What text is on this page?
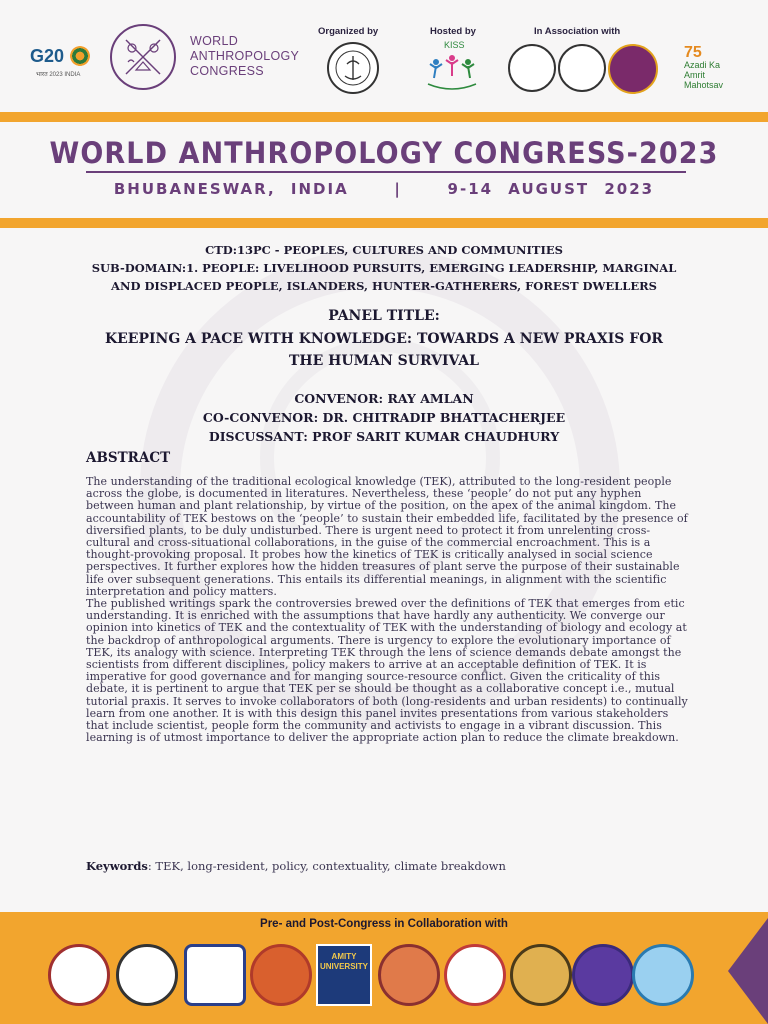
G20
भारत 2023 INDIA
WORLD
ANTHROPOLOGY
CONGRESS
Organized by	Hosted by
KISS
In Association with
75
Azadi Ka
Amrit Mahotsav
WORLD ANTHROPOLOGY CONGRESS-2023
BHUBANESWAR, INDIA	|	9-14 AUGUST 2023
CTD:13PC - PEOPLES, CULTURES AND COMMUNITIES
SUB-DOMAIN:1. PEOPLE: LIVELIHOOD PURSUITS, EMERGING LEADERSHIP, MARGINAL
AND DISPLACED PEOPLE, ISLANDERS, HUNTER-GATHERERS, FOREST DWELLERS
PANEL TITLE:
KEEPING A PACE WITH KNOWLEDGE: TOWARDS A NEW PRAXIS FOR
THE HUMAN SURVIVAL
CONVENOR: RAY AMLAN
CO-CONVENOR: DR. CHITRADIP BHATTACHERJEE
DISCUSSANT: PROF SARIT KUMAR CHAUDHURY
ABSTRACT

The understanding of the traditional ecological knowledge (TEK), attributed to the long-resident people across the globe, is documented in literatures. Nevertheless, these ‘people’ do not put any hyphen between human and plant relationship, by virtue of the position, on the apex of the animal kingdom. The accountability of TEK bestows on the ‘people’ to sustain their embedded life, facilitated by the presence of diversified plants, to be duly undisturbed. There is urgent need to protect it from unrelenting cross-cultural and cross-situational collaborations, in the guise of the commercial encroachment. This is a thought-provoking proposal. It probes how the kinetics of TEK is critically analysed in social science perspectives. It further explores how the hidden treasures of plant serve the purpose of their sustainable life over subsequent generations. This entails its differential meanings, in alignment with the scientific interpretation and policy matters.

The published writings spark the controversies brewed over the definitions of TEK that emerges from etic understanding. It is enriched with the assumptions that have hardly any authenticity. We converge our opinion into kinetics of TEK and the contextuality of TEK with the understanding of biology and ecology at the backdrop of anthropological arguments. There is urgency to explore the evolutionary importance of TEK, its analogy with science. Interpreting TEK through the lens of science demands debate amongst the scientists from different disciplines, policy makers to arrive at an acceptable definition of TEK. It is imperative for good governance and for manging source-resource conflict. Given the criticality of this debate, it is pertinent to argue that TEK per se should be thought as a collaborative concept i.e., mutual tutorial praxis. It serves to invoke collaborators of both (long-residents and urban residents) to continually learn from one another. It is with this design this panel invites presentations from various stakeholders that include scientist, people form the community and activists to engage in a vibrant discussion. This learning is of utmost importance to deliver the appropriate action plan to reduce the climate breakdown.

Keywords: TEK, long-resident, policy, contextuality, climate breakdown
Pre- and Post-Congress in Collaboration with
AMITY UNIVERSITY
